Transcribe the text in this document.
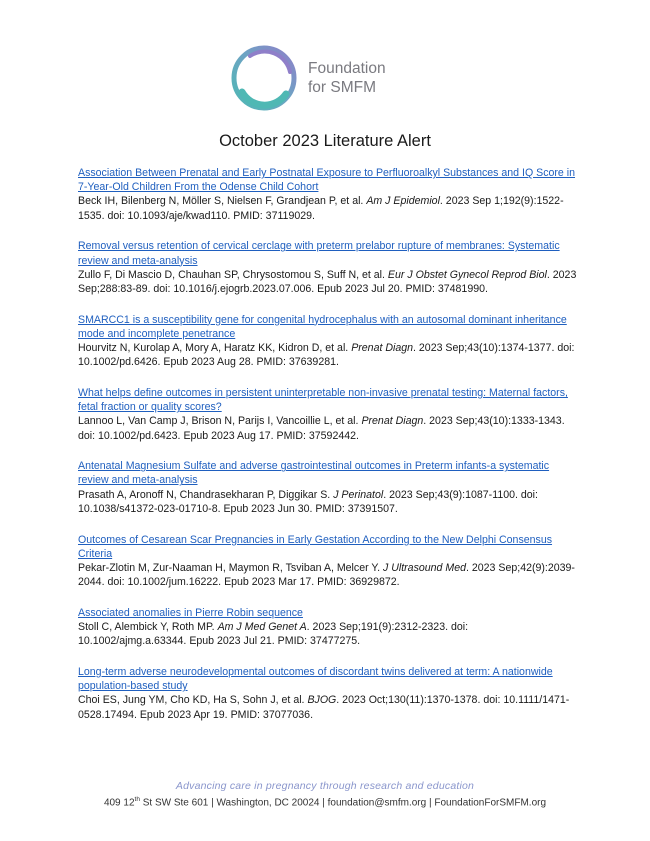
Foundation
for SMFM
October 2023 Literature Alert
Association Between Prenatal and Early Postnatal Exposure to Perfluoroalkyl Substances and IQ Score in 7-Year-Old Children From the Odense Child Cohort
Beck IH, Bilenberg N, Möller S, Nielsen F, Grandjean P, et al. Am J Epidemiol. 2023 Sep 1;192(9):1522-1535. doi: 10.1093/aje/kwad110. PMID: 37119029.
Removal versus retention of cervical cerclage with preterm prelabor rupture of membranes: Systematic review and meta-analysis
Zullo F, Di Mascio D, Chauhan SP, Chrysostomou S, Suff N, et al. Eur J Obstet Gynecol Reprod Biol. 2023 Sep;288:83-89. doi: 10.1016/j.ejogrb.2023.07.006. Epub 2023 Jul 20. PMID: 37481990.
SMARCC1 is a susceptibility gene for congenital hydrocephalus with an autosomal dominant inheritance mode and incomplete penetrance
Hourvitz N, Kurolap A, Mory A, Haratz KK, Kidron D, et al. Prenat Diagn. 2023 Sep;43(10):1374-1377. doi: 10.1002/pd.6426. Epub 2023 Aug 28. PMID: 37639281.
What helps define outcomes in persistent uninterpretable non-invasive prenatal testing: Maternal factors, fetal fraction or quality scores?
Lannoo L, Van Camp J, Brison N, Parijs I, Vancoillie L, et al. Prenat Diagn. 2023 Sep;43(10):1333-1343. doi: 10.1002/pd.6423. Epub 2023 Aug 17. PMID: 37592442.
Antenatal Magnesium Sulfate and adverse gastrointestinal outcomes in Preterm infants-a systematic review and meta-analysis
Prasath A, Aronoff N, Chandrasekharan P, Diggikar S. J Perinatol. 2023 Sep;43(9):1087-1100. doi: 10.1038/s41372-023-01710-8. Epub 2023 Jun 30. PMID: 37391507.
Outcomes of Cesarean Scar Pregnancies in Early Gestation According to the New Delphi Consensus Criteria
Pekar-Zlotin M, Zur-Naaman H, Maymon R, Tsviban A, Melcer Y. J Ultrasound Med. 2023 Sep;42(9):2039-2044. doi: 10.1002/jum.16222. Epub 2023 Mar 17. PMID: 36929872.
Associated anomalies in Pierre Robin sequence
Stoll C, Alembick Y, Roth MP. Am J Med Genet A. 2023 Sep;191(9):2312-2323. doi: 10.1002/ajmg.a.63344. Epub 2023 Jul 21. PMID: 37477275.
Long-term adverse neurodevelopmental outcomes of discordant twins delivered at term: A nationwide population-based study
Choi ES, Jung YM, Cho KD, Ha S, Sohn J, et al. BJOG. 2023 Oct;130(11):1370-1378. doi: 10.1111/1471-0528.17494. Epub 2023 Apr 19. PMID: 37077036.
Advancing care in pregnancy through research and education
409 12th St SW Ste 601 | Washington, DC 20024 | foundation@smfm.org | FoundationForSMFM.org
